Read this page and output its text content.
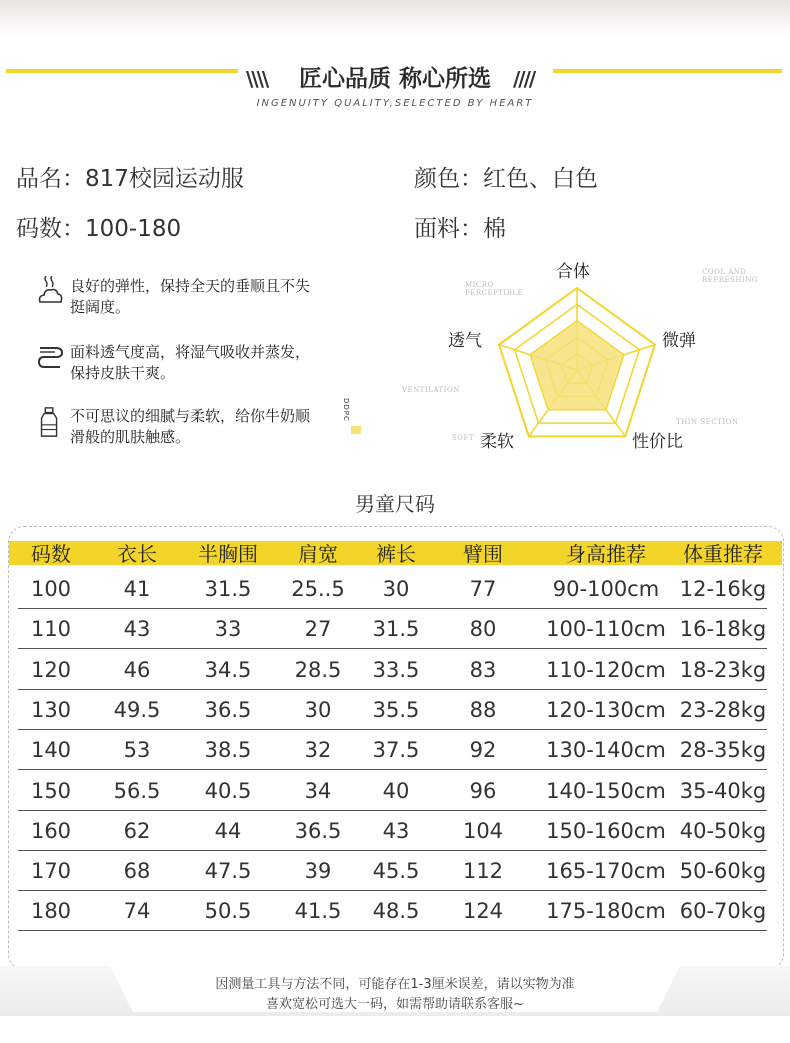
\\\\	////
匠心品质 称心所选
INGENUITY QUALITY,SELECTED BY HEART
品名：817校园运动服	颜色：红色、白色
码数：100-180	面料：棉
良好的弹性，保持全天的垂顺且不失挺阔度。
面料透气度高，将湿气吸收并蒸发，保持皮肤干爽。
不可思议的细腻与柔软，给你牛奶顺滑般的肌肤触感。
DDPC
合体
微弹
性价比
柔软
透气
MICRO PERCEPTIBLE
COOL AND REFRESHING
VENTILATION
SOFT
THIN SECTION
男童尺码
码数 衣长 半胸围 肩宽 裤长 臂围	身高推荐 体重推荐
100	41	31.5 25..5 30	77	90-100cm 12-16kg
110	43	33	27 31.5 80 100-110cm 16-18kg
120	46	34.5 28.5 33.5 83 110-120cm 18-23kg
130 49.5 36.5	30 35.5 88 120-130cm 23-28kg
140	53	38.5	32 37.5 92 130-140cm 28-35kg
150 56.5 40.5	34 40	96 140-150cm 35-40kg
160	62	44	36.5 43	104 150-160cm 40-50kg
170	68	47.5	39 45.5 112 165-170cm 50-60kg
180	74	50.5 41.5 48.5 124 175-180cm 60-70kg
因测量工具与方法不同，可能存在1-3厘米误差，请以实物为准
喜欢宽松可选大一码，如需帮助请联系客服~
